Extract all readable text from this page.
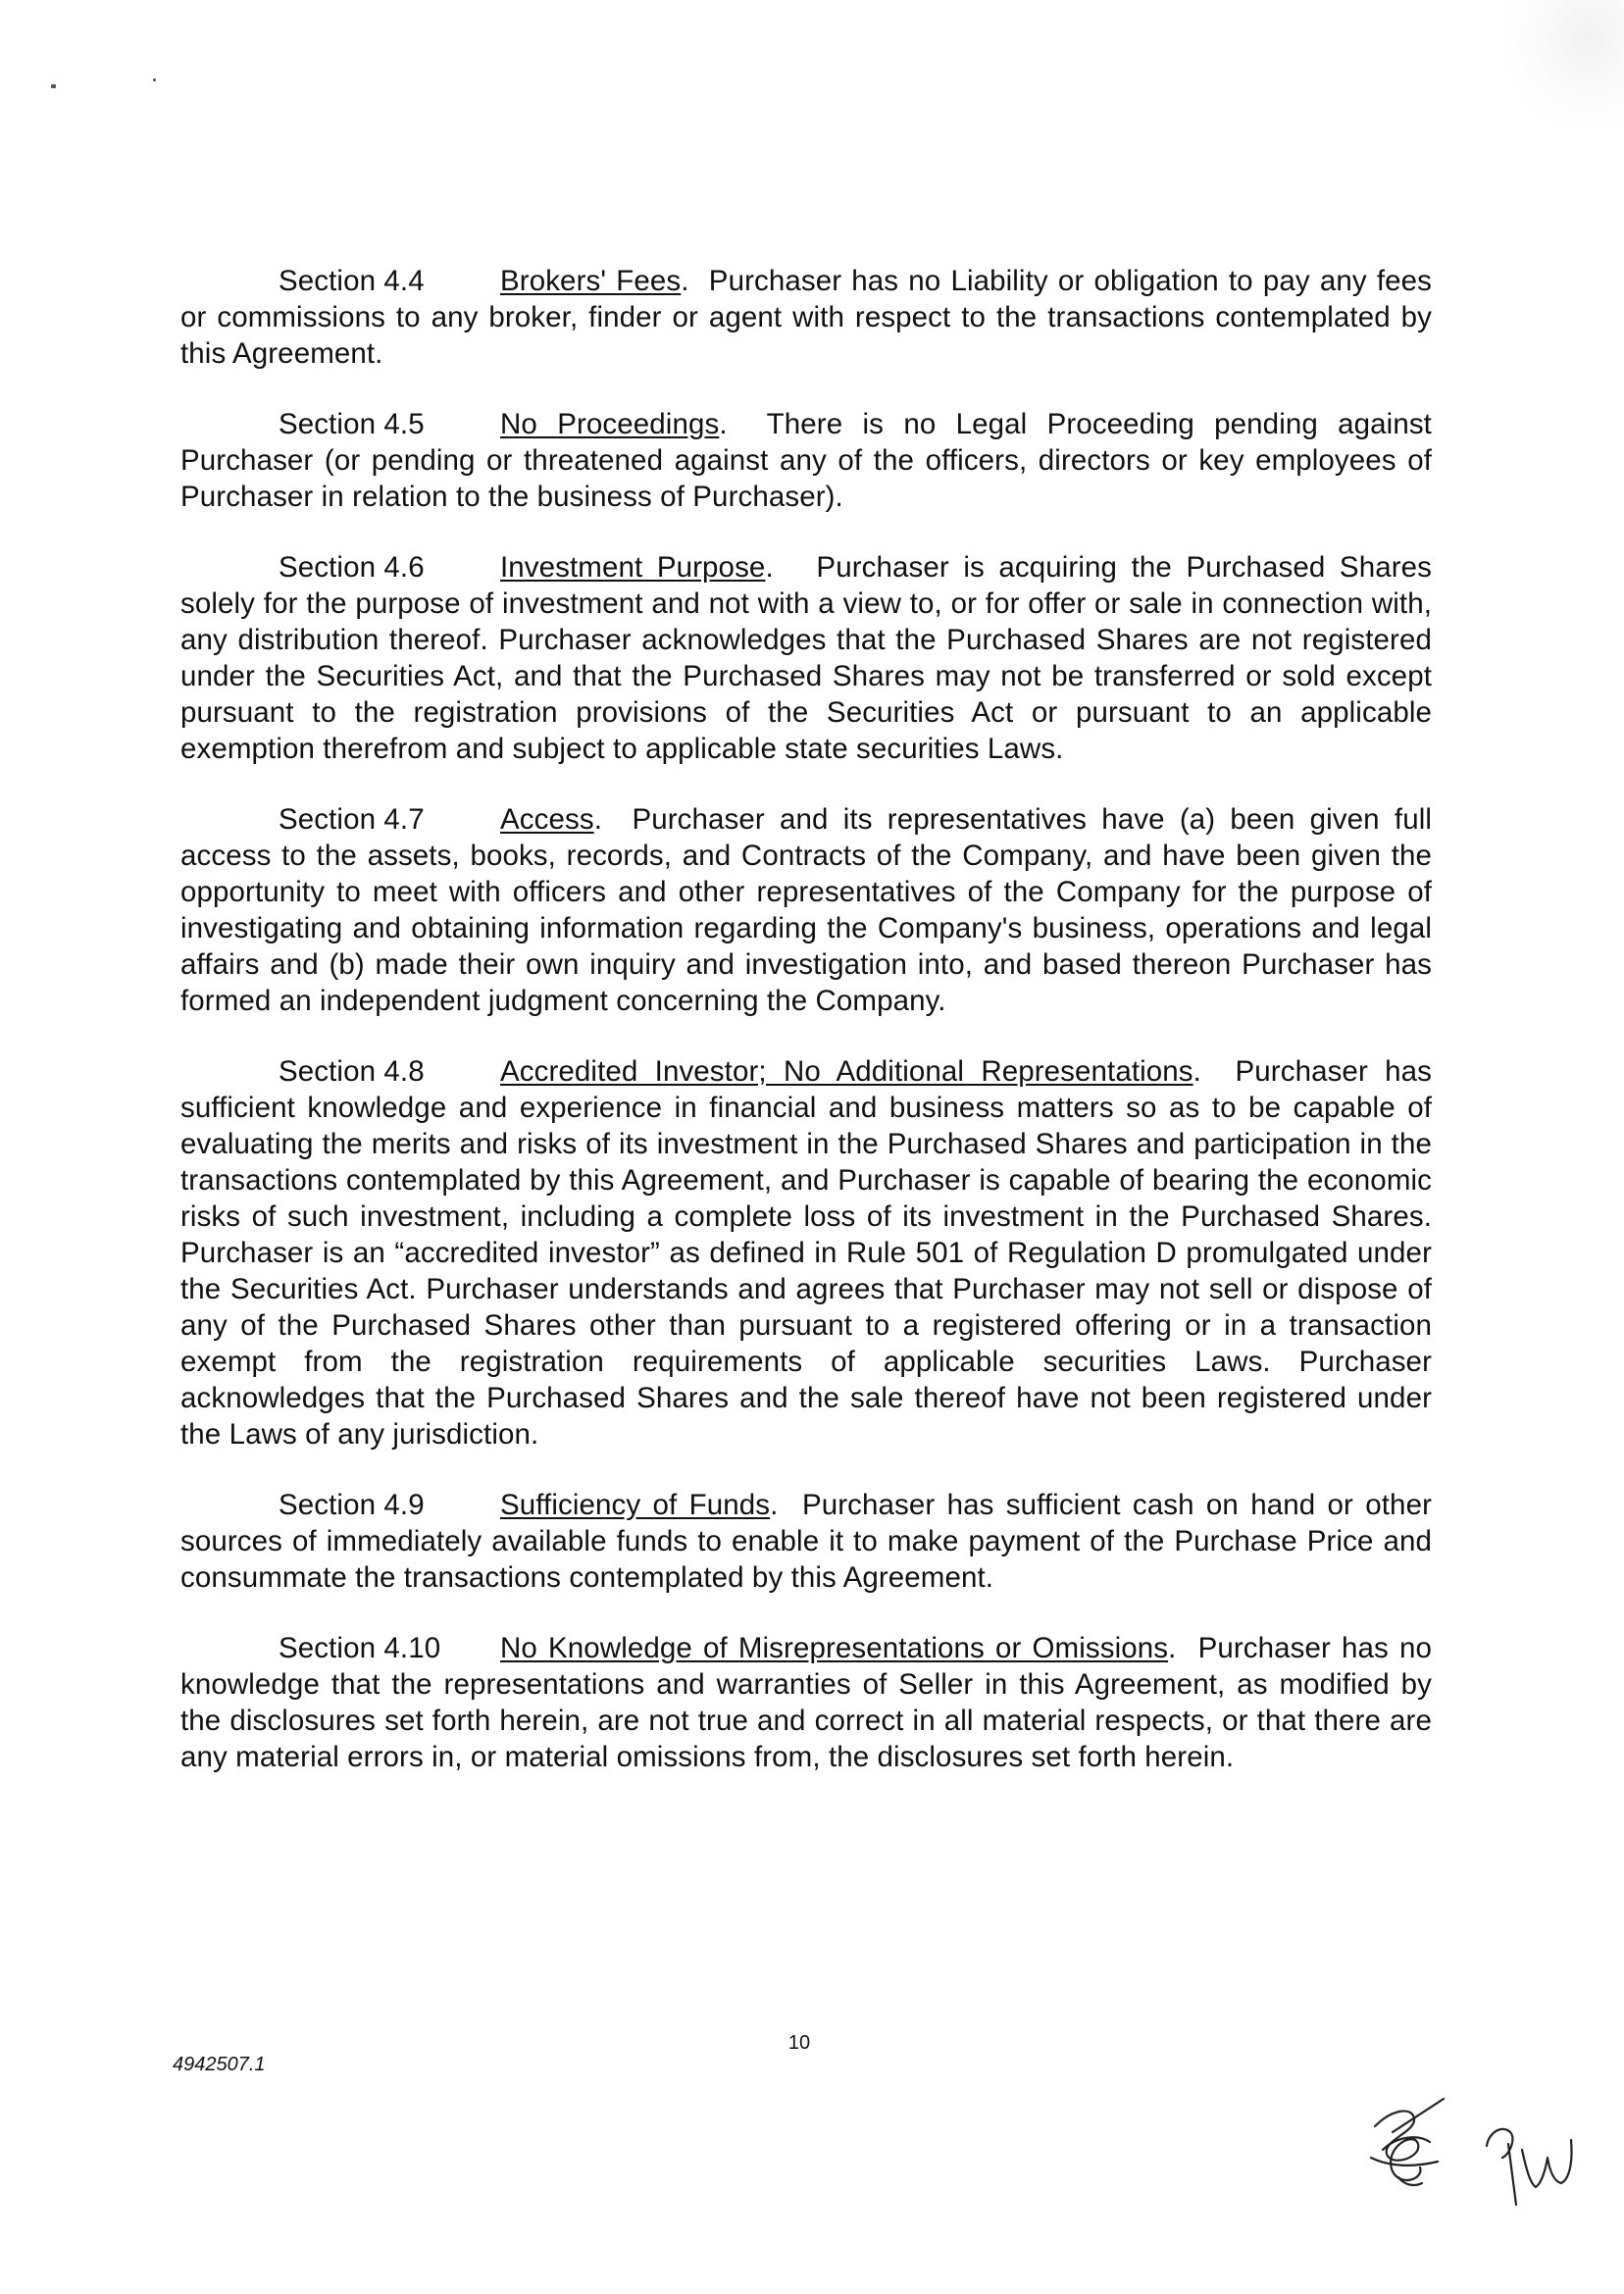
Section 4.4	Brokers' Fees.  Purchaser has no Liability or obligation to pay any fees or commissions to any broker, finder or agent with respect to the transactions contemplated by this Agreement.

Section 4.5	No Proceedings.  There is no Legal Proceeding pending against Purchaser (or pending or threatened against any of the officers, directors or key employees of Purchaser in relation to the business of Purchaser).

Section 4.6	Investment Purpose.   Purchaser is acquiring the Purchased Shares solely for the purpose of investment and not with a view to, or for offer or sale in connection with, any distribution thereof. Purchaser acknowledges that the Purchased Shares are not registered under the Securities Act, and that the Purchased Shares may not be transferred or sold except pursuant to the registration provisions of the Securities Act or pursuant to an applicable exemption therefrom and subject to applicable state securities Laws.

Section 4.7	Access.  Purchaser and its representatives have (a) been given full access to the assets, books, records, and Contracts of the Company, and have been given the opportunity to meet with officers and other representatives of the Company for the purpose of investigating and obtaining information regarding the Company's business, operations and legal affairs and (b) made their own inquiry and investigation into, and based thereon Purchaser has formed an independent judgment concerning the Company.

Section 4.8	Accredited Investor; No Additional Representations.  Purchaser has sufficient knowledge and experience in financial and business matters so as to be capable of evaluating the merits and risks of its investment in the Purchased Shares and participation in the transactions contemplated by this Agreement, and Purchaser is capable of bearing the economic risks of such investment, including a complete loss of its investment in the Purchased Shares. Purchaser is an “accredited investor” as defined in Rule 501 of Regulation D promulgated under the Securities Act. Purchaser understands and agrees that Purchaser may not sell or dispose of any of the Purchased Shares other than pursuant to a registered offering or in a transaction exempt from the registration requirements of applicable securities Laws. Purchaser acknowledges that the Purchased Shares and the sale thereof have not been registered under the Laws of any jurisdiction.

Section 4.9	Sufficiency of Funds.  Purchaser has sufficient cash on hand or other sources of immediately available funds to enable it to make payment of the Purchase Price and consummate the transactions contemplated by this Agreement.

Section 4.10 No Knowledge of Misrepresentations or Omissions.  Purchaser has no knowledge that the representations and warranties of Seller in this Agreement, as modified by the disclosures set forth herein, are not true and correct in all material respects, or that there are any material errors in, or material omissions from, the disclosures set forth herein.

10
4942507.1
